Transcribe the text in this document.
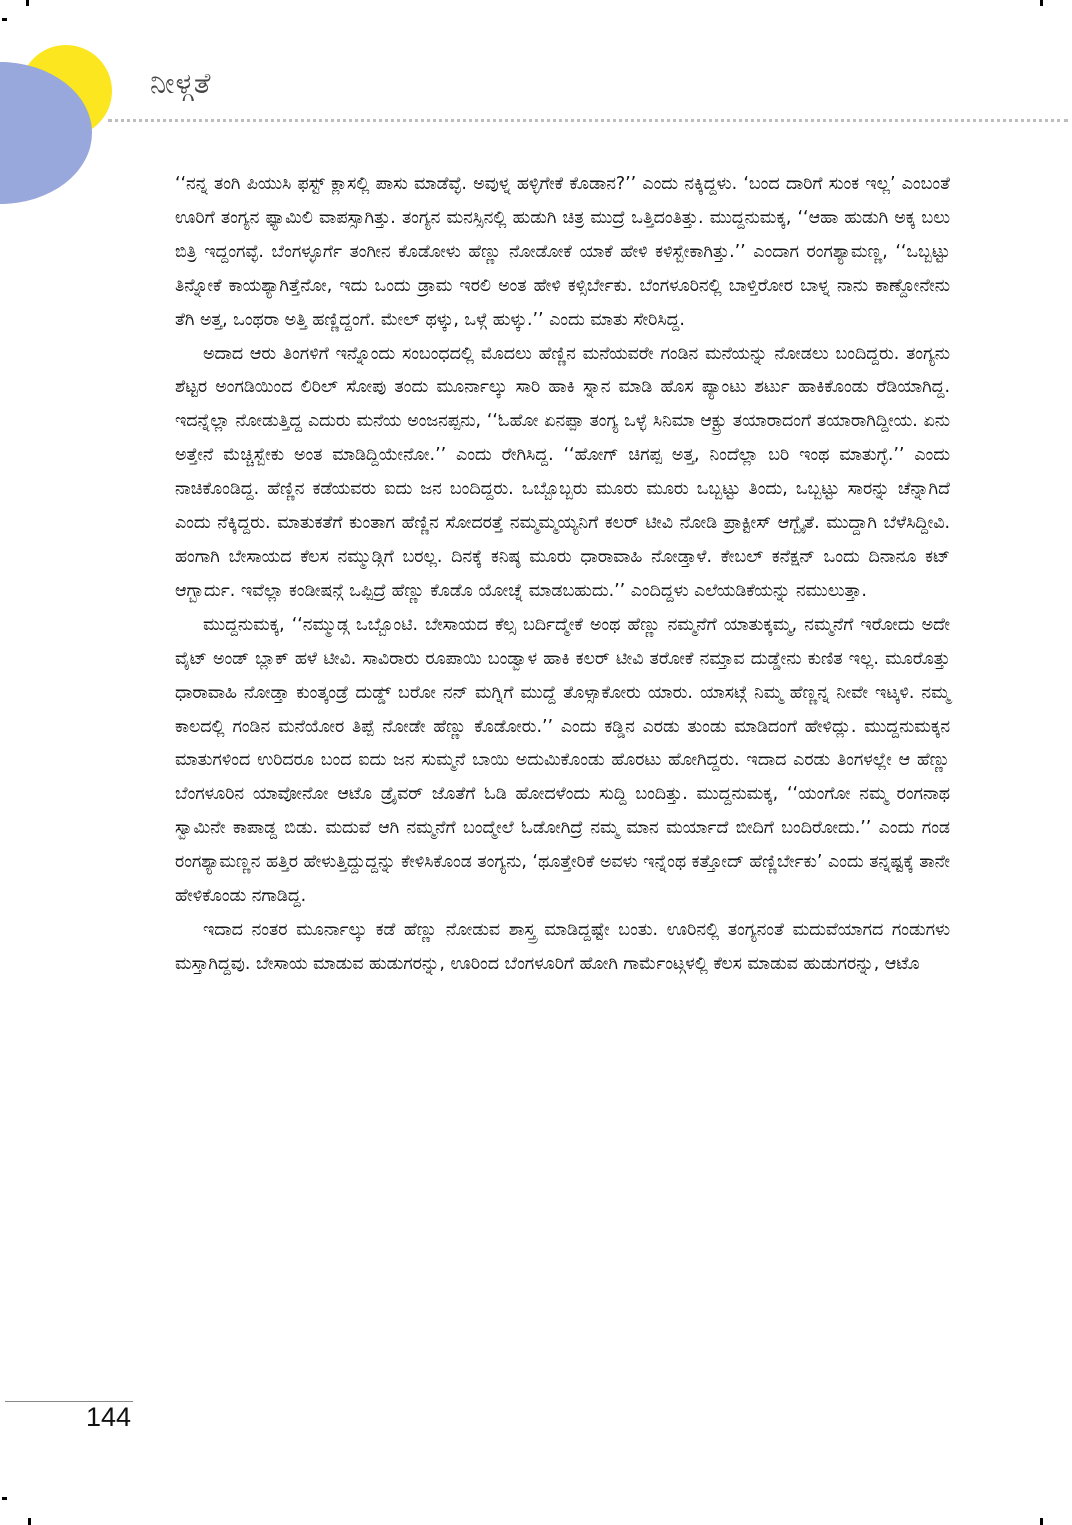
ನೀಳ್ಗತೆ

‘‘ನನ್ನ ತಂಗಿ ಪಿಯುಸಿ ಫಸ್ಟ್ ಕ್ಲಾಸಲ್ಲಿ ಪಾಸು ಮಾಡೆವ್ಳೆ. ಅವುಳ್ನ ಹಳ್ಳಿಗೇಕೆ ಕೊಡಾನ?’’ ಎಂದು ನಕ್ಕಿದ್ದಳು. ‘ಬಂದ ದಾರಿಗೆ ಸುಂಕ ಇಲ್ಲ’ ಎಂಬಂತೆ ಊರಿಗೆ ತಂಗ್ಯನ ಫ್ಯಾಮಿಲಿ ವಾಪಸ್ಸಾಗಿತ್ತು. ತಂಗ್ಯನ ಮನಸ್ಸಿನಲ್ಲಿ ಹುಡುಗಿ ಚಿತ್ರ ಮುದ್ರೆ ಒತ್ತಿದಂತಿತ್ತು. ಮುದ್ದನುಮಕ್ಕ, ‘‘ಆಹಾ ಹುಡುಗಿ ಅಕ್ಕ ಬಲು ಬಿತ್ರಿ ಇದ್ದಂಗವ್ಳೆ. ಬೆಂಗಳ್ಳೂರ್ಗೆ ತಂಗೀನ ಕೊಡೋಳು ಹೆಣ್ಣು ನೋಡೋಕೆ ಯಾಕೆ ಹೇಳಿ ಕಳಿಸ್ಬೇಕಾಗಿತ್ತು.’’ ಎಂದಾಗ ರಂಗಶ್ಯಾಮಣ್ಣ, ‘‘ಒಬ್ಬಟ್ಟು ತಿನ್ನೋಕೆ ಕಾಯಶ್ಯಾಗಿತ್ತೆನೋ, ಇದು ಒಂದು ಡ್ರಾಮ ಇರಲಿ ಅಂತ ಹೇಳಿ ಕಳ್ಸಿರ್ಬೇಕು. ಬೆಂಗಳೂರಿನಲ್ಲಿ ಬಾಳ್ತಿರೋರ ಬಾಳ್ನ ನಾನು ಕಾಣ್ದೋನೇನು ತೆಗಿ ಅತ್ತ, ಒಂಥರಾ ಅತ್ತಿ ಹಣ್ಣಿದ್ದಂಗೆ. ಮೇಲ್ ಥಳ್ಕು, ಒಳ್ಗೆ ಹುಳ್ಕು.’’ ಎಂದು ಮಾತು ಸೇರಿಸಿದ್ದ.

ಅದಾದ ಆರು ತಿಂಗಳಿಗೆ ಇನ್ನೊಂದು ಸಂಬಂಧದಲ್ಲಿ ಮೊದಲು ಹೆಣ್ಣಿನ ಮನೆಯವರೇ ಗಂಡಿನ ಮನೆಯನ್ನು ನೋಡಲು ಬಂದಿದ್ದರು. ತಂಗ್ಯನು ಶೆಟ್ಟರ ಅಂಗಡಿಯಿಂದ ಲಿರಿಲ್ ಸೋಪು ತಂದು ಮೂರ್ನಾಲ್ಕು ಸಾರಿ ಹಾಕಿ ಸ್ನಾನ ಮಾಡಿ ಹೊಸ ಪ್ಯಾಂಟು ಶರ್ಟು ಹಾಕಿಕೊಂಡು ರೆಡಿಯಾಗಿದ್ದ. ಇದನ್ನೆಲ್ಲಾ ನೋಡುತ್ತಿದ್ದ ಎದುರು ಮನೆಯ ಅಂಜನಪ್ಪನು, ‘‘ಓಹೋ ಏನಪ್ಪಾ ತಂಗ್ಯ ಒಳ್ಳೆ ಸಿನಿಮಾ ಆಕ್ಟ್ರು ತಯಾರಾದಂಗೆ ತಯಾರಾಗಿದ್ದೀಯ. ಏನು ಅತ್ತೇನೆ ಮೆಚ್ಚಿಸ್ಬೇಕು ಅಂತ ಮಾಡಿದ್ದಿಯೇನೋ.’’ ಎಂದು ರೇಗಿಸಿದ್ದ. ‘‘ಹೋಗ್ ಚಿಗಪ್ಪ ಅತ್ತ, ನಿಂದೆಲ್ಲಾ ಬರಿ ಇಂಥ ಮಾತುಗ್ಳೆ.’’ ಎಂದು ನಾಚಿಕೊಂಡಿದ್ದ. ಹೆಣ್ಣಿನ ಕಡೆಯವರು ಐದು ಜನ ಬಂದಿದ್ದರು. ಒಬ್ಬೊಬ್ಬರು ಮೂರು ಮೂರು ಒಬ್ಬಟ್ಟು ತಿಂದು, ಒಬ್ಬಟ್ಟು ಸಾರನ್ನು ಚೆನ್ನಾಗಿದೆ ಎಂದು ನೆಕ್ಕಿದ್ದರು. ಮಾತುಕತೆಗೆ ಕುಂತಾಗ ಹೆಣ್ಣಿನ ಸೋದರತ್ತೆ ನಮ್ಮಮ್ಮಯ್ಯನಿಗೆ ಕಲರ್ ಟೀವಿ ನೋಡಿ ಪ್ರಾಕ್ಟೀಸ್ ಆಗ್ಬೈತೆ. ಮುದ್ದಾಗಿ ಬೆಳೆಸಿದ್ದೀವಿ. ಹಂಗಾಗಿ ಬೇಸಾಯದ ಕೆಲಸ ನಮ್ಮುಡ್ಗಿಗೆ ಬರಲ್ಲ. ದಿನಕ್ಕೆ ಕನಿಷ್ಠ ಮೂರು ಧಾರಾವಾಹಿ ನೋಡ್ತಾಳೆ. ಕೇಬಲ್ ಕನೆಕ್ಷನ್ ಒಂದು ದಿನಾನೂ ಕಟ್ ಆಗ್ಬಾರ್ದು. ಇವೆಲ್ಲಾ ಕಂಡೀಷನ್ಗೆ ಒಪ್ಪಿದ್ರೆ ಹೆಣ್ಣು ಕೊಡೊ ಯೋಚ್ನೆ ಮಾಡಬಹುದು.’’ ಎಂದಿದ್ದಳು ಎಲೆಯಡಿಕೆಯನ್ನು ನಮುಲುತ್ತಾ.

ಮುದ್ದನುಮಕ್ಕ, ‘‘ನಮ್ಮುಡ್ಗ ಒಬ್ಬೊಂಟಿ. ಬೇಸಾಯದ ಕೆಲ್ಸ ಬರ್ದಿದ್ಮೇಕೆ ಅಂಥ ಹೆಣ್ಣು ನಮ್ಮನೆಗೆ ಯಾತುಕ್ಕಮ್ಮ, ನಮ್ಮನೆಗೆ ಇರೋದು ಅದೇ ವೈಟ್ ಅಂಡ್ ಬ್ಲಾಕ್ ಹಳೆ ಟೀವಿ. ಸಾವಿರಾರು ರೂಪಾಯಿ ಬಂಡ್ವಾಳ ಹಾಕಿ ಕಲರ್ ಟೀವಿ ತರೋಕೆ ನಮ್ತಾವ ದುಡ್ಡೇನು ಕುಣಿತ ಇಲ್ಲ. ಮೂರೊತ್ತು ಧಾರಾವಾಹಿ ನೋಡ್ತಾ ಕುಂತ್ಕಂಡ್ರೆ ದುಡ್ಡ್ ಬರೋ ನನ್ ಮಗ್ನಿಗೆ ಮುದ್ದೆ ತೊಳ್ಸಾಕೋರು ಯಾರು. ಯಾಸಟ್ಗೆ ನಿಮ್ಮ ಹೆಣ್ಣನ್ನ ನೀವೇ ಇಟ್ಕಳಿ. ನಮ್ಮ ಕಾಲದಲ್ಲಿ ಗಂಡಿನ ಮನೆಯೋರ ತಿಪ್ಪೆ ನೋಡೇ ಹೆಣ್ಣು ಕೊಡೋರು.’’ ಎಂದು ಕಡ್ಡಿನ ಎರಡು ತುಂಡು ಮಾಡಿದಂಗೆ ಹೇಳಿದ್ಲು. ಮುದ್ದನುಮಕ್ಕನ ಮಾತುಗಳಿಂದ ಉರಿದರೂ ಬಂದ ಐದು ಜನ ಸುಮ್ಮನೆ ಬಾಯಿ ಅದುಮಿಕೊಂಡು ಹೊರಟು ಹೋಗಿದ್ದರು. ಇದಾದ ಎರಡು ತಿಂಗಳಲ್ಲೇ ಆ ಹೆಣ್ಣು ಬೆಂಗಳೂರಿನ ಯಾವೋನೋ ಆಟೊ ಡ್ರೈವರ್ ಜೊತೆಗೆ ಓಡಿ ಹೋದಳೆಂದು ಸುದ್ದಿ ಬಂದಿತ್ತು. ಮುದ್ದನುಮಕ್ಕ, ‘‘ಯಂಗೋ ನಮ್ಮ ರಂಗನಾಥ ಸ್ವಾಮಿನೇ ಕಾಪಾಡ್ದ ಬಿಡು. ಮದುವೆ ಆಗಿ ನಮ್ಮನೆಗೆ ಬಂದ್ಮೇಲೆ ಓಡೋಗಿದ್ರೆ ನಮ್ಮ ಮಾನ ಮರ್ಯಾದೆ ಬೀದಿಗೆ ಬಂದಿರೋದು.’’ ಎಂದು ಗಂಡ ರಂಗಶ್ಯಾಮಣ್ಣನ ಹತ್ತಿರ ಹೇಳುತ್ತಿದ್ದುದ್ದನ್ನು ಕೇಳಿಸಿಕೊಂಡ ತಂಗ್ಯನು, ‘ಥೂತ್ತೇರಿಕೆ ಅವಳು ಇನ್ನೆಂಥ ಕತ್ತೋದ್ ಹೆಣ್ಣಿರ್ಬೇಕು’ ಎಂದು ತನ್ನಷ್ಟಕ್ಕೆ ತಾನೇ ಹೇಳಿಕೊಂಡು ನಗಾಡಿದ್ದ.

ಇದಾದ ನಂತರ ಮೂರ್ನಾಲ್ಕು ಕಡೆ ಹೆಣ್ಣು ನೋಡುವ ಶಾಸ್ತ್ರ ಮಾಡಿದ್ದಷ್ಟೇ ಬಂತು. ಊರಿನಲ್ಲಿ ತಂಗ್ಯನಂತೆ ಮದುವೆಯಾಗದ ಗಂಡುಗಳು ಮಸ್ತಾಗಿದ್ದವು. ಬೇಸಾಯ ಮಾಡುವ ಹುಡುಗರನ್ನು, ಊರಿಂದ ಬೆಂಗಳೂರಿಗೆ ಹೋಗಿ ಗಾರ್ಮೆಂಟ್ಗಳಲ್ಲಿ ಕೆಲಸ ಮಾಡುವ ಹುಡುಗರನ್ನು, ಆಟೊ

144
